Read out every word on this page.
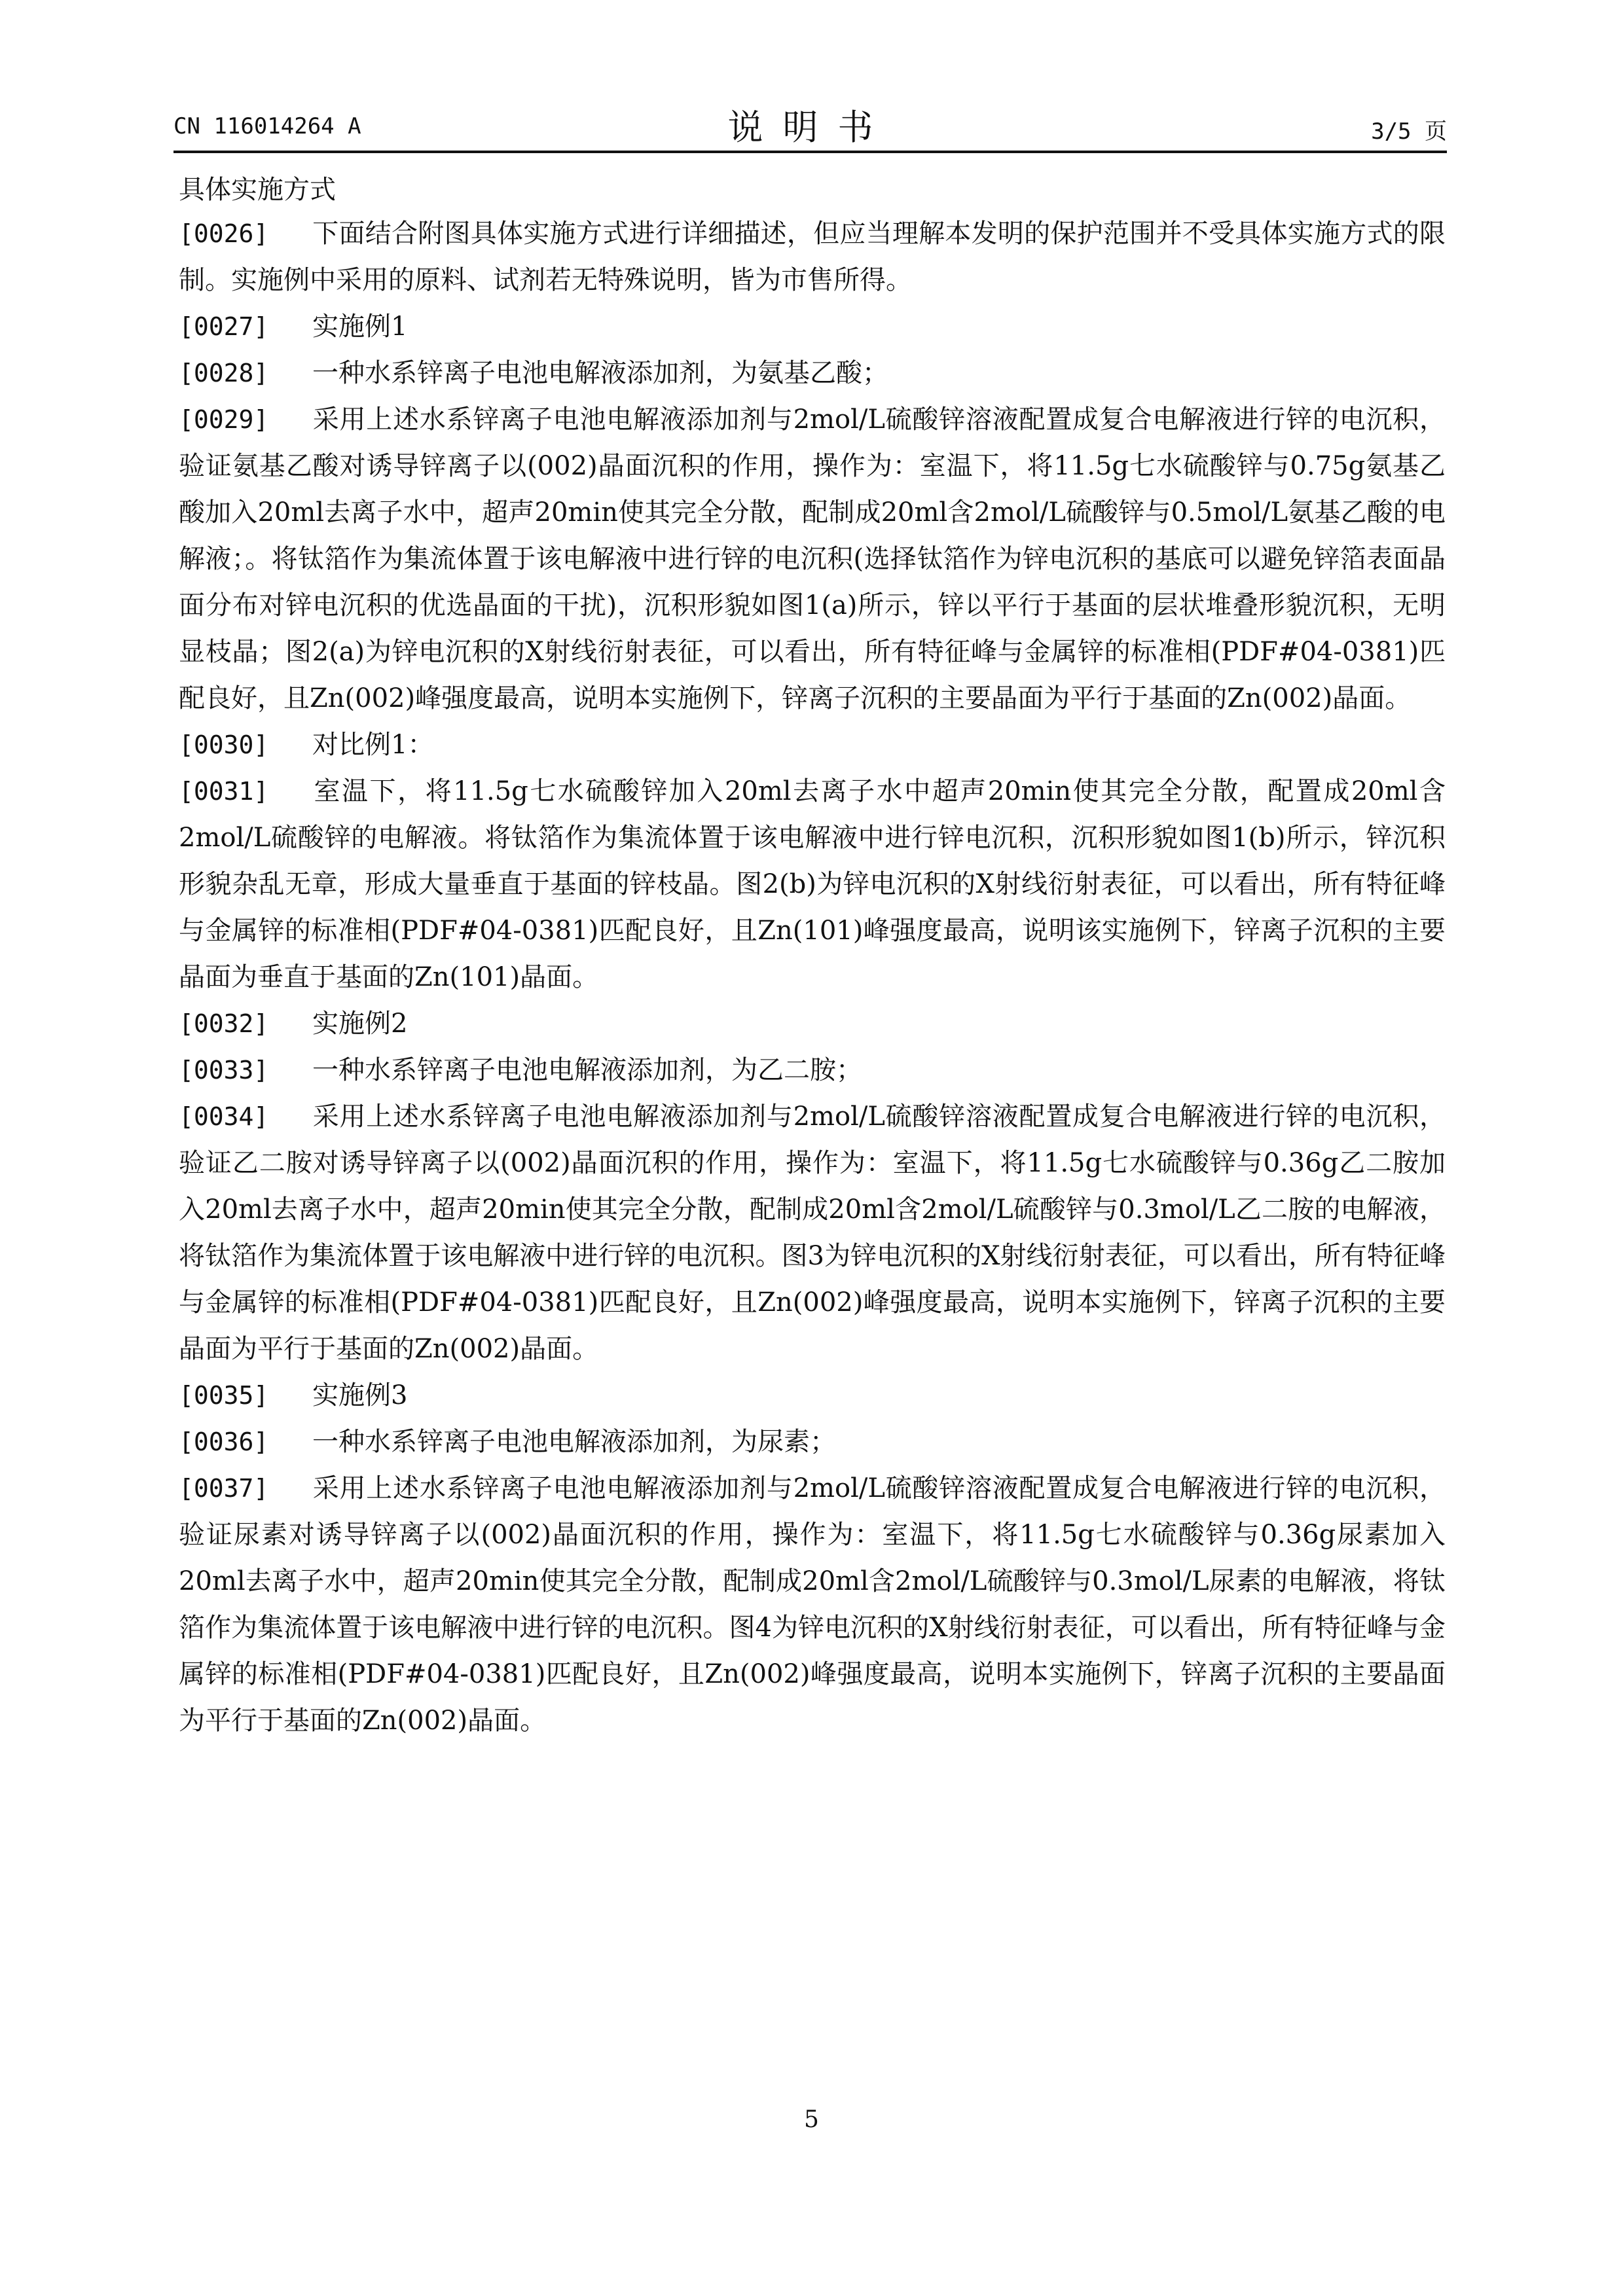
CN 116014264 A	说明书	3/5 页
具体实施方式
[0026] 下面结合附图具体实施方式进行详细描述，但应当理解本发明的保护范围并不受具体实施方式的限制。实施例中采用的原料、试剂若无特殊说明，皆为市售所得。
[0027]	实施例1
[0028]	一种水系锌离子电池电解液添加剂，为氨基乙酸；
[0029] 采用上述水系锌离子电池电解液添加剂与2mol/L硫酸锌溶液配置成复合电解液进行锌的电沉积，验证氨基乙酸对诱导锌离子以(002)晶面沉积的作用，操作为：室温下，将11.5g七水硫酸锌与0.75g氨基乙酸加入20ml去离子水中，超声20min使其完全分散，配制成20ml含2mol/L硫酸锌与0.5mol/L氨基乙酸的电解液；。将钛箔作为集流体置于该电解液中进行锌的电沉积(选择钛箔作为锌电沉积的基底可以避免锌箔表面晶面分布对锌电沉积的优选晶面的干扰)，沉积形貌如图1(a)所示，锌以平行于基面的层状堆叠形貌沉积，无明显枝晶；图2(a)为锌电沉积的X射线衍射表征，可以看出，所有特征峰与金属锌的标准相(PDF#04-0381)匹配良好，且Zn(002)峰强度最高，说明本实施例下，锌离子沉积的主要晶面为平行于基面的Zn(002)晶面。
[0030]	对比例1：
[0031] 室温下，将11.5g七水硫酸锌加入20ml去离子水中超声20min使其完全分散，配置成20ml含2mol/L硫酸锌的电解液。将钛箔作为集流体置于该电解液中进行锌电沉积，沉积形貌如图1(b)所示，锌沉积形貌杂乱无章，形成大量垂直于基面的锌枝晶。图2(b)为锌电沉积的X射线衍射表征，可以看出，所有特征峰与金属锌的标准相(PDF#04-0381)匹配良好，且Zn(101)峰强度最高，说明该实施例下，锌离子沉积的主要晶面为垂直于基面的Zn(101)晶面。
[0032]	实施例2
[0033]	一种水系锌离子电池电解液添加剂，为乙二胺；
[0034] 采用上述水系锌离子电池电解液添加剂与2mol/L硫酸锌溶液配置成复合电解液进行锌的电沉积，验证乙二胺对诱导锌离子以(002)晶面沉积的作用，操作为：室温下，将11.5g七水硫酸锌与0.36g乙二胺加入20ml去离子水中，超声20min使其完全分散，配制成20ml含2mol/L硫酸锌与0.3mol/L乙二胺的电解液，将钛箔作为集流体置于该电解液中进行锌的电沉积。图3为锌电沉积的X射线衍射表征，可以看出，所有特征峰与金属锌的标准相(PDF#04-0381)匹配良好，且Zn(002)峰强度最高，说明本实施例下，锌离子沉积的主要晶面为平行于基面的Zn(002)晶面。
[0035]	实施例3
[0036]	一种水系锌离子电池电解液添加剂，为尿素；
[0037] 采用上述水系锌离子电池电解液添加剂与2mol/L硫酸锌溶液配置成复合电解液进行锌的电沉积，验证尿素对诱导锌离子以(002)晶面沉积的作用，操作为：室温下，将11.5g七水硫酸锌与0.36g尿素加入20ml去离子水中，超声20min使其完全分散，配制成20ml含2mol/L硫酸锌与0.3mol/L尿素的电解液，将钛箔作为集流体置于该电解液中进行锌的电沉积。图4为锌电沉积的X射线衍射表征，可以看出，所有特征峰与金属锌的标准相(PDF#04-0381)匹配良好，且Zn(002)峰强度最高，说明本实施例下，锌离子沉积的主要晶面为平行于基面的Zn(002)晶面。
5
